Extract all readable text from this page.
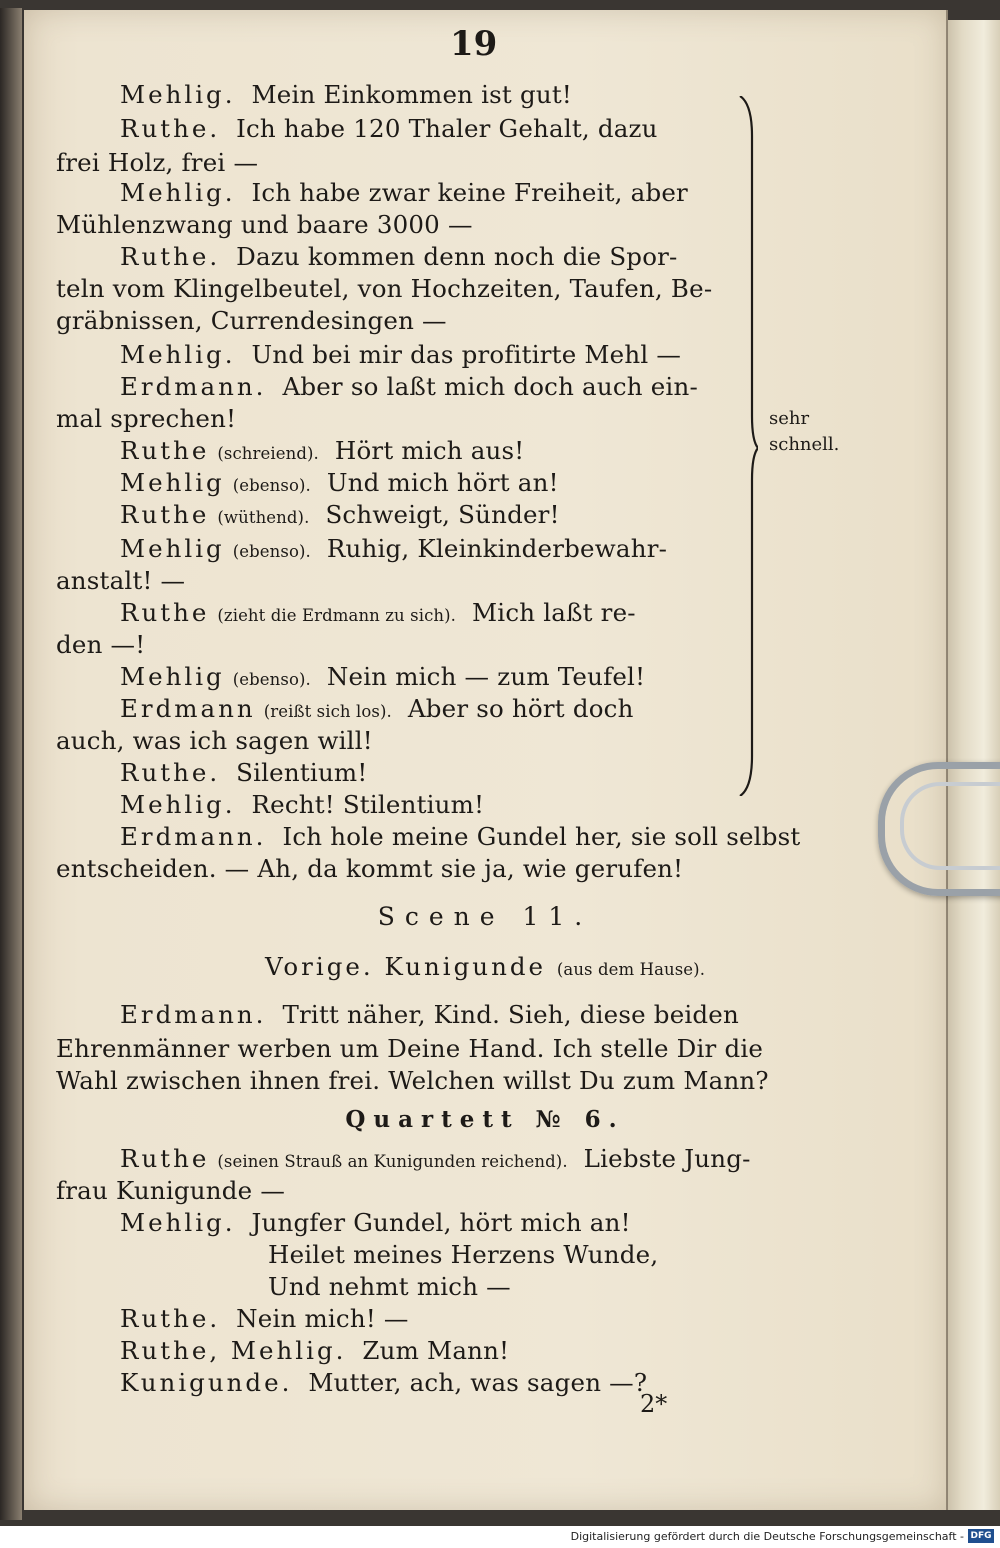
19
Mehlig. Mein Einkommen ist gut!
Ruthe. Ich habe 120 Thaler Gehalt, dazu
frei Holz, frei —
Mehlig. Ich habe zwar keine Freiheit, aber
Mühlenzwang und baare 3000 —
Ruthe. Dazu kommen denn noch die Spor-
teln vom Klingelbeutel, von Hochzeiten, Taufen, Be-
gräbnissen, Currendesingen —
Mehlig. Und bei mir das profitirte Mehl —
Erdmann. Aber so laßt mich doch auch ein-
mal sprechen!
Ruthe (schreiend). Hört mich aus!
Mehlig (ebenso). Und mich hört an!
Ruthe (wüthend). Schweigt, Sünder!
Mehlig (ebenso). Ruhig, Kleinkinderbewahr-
anstalt! —
Ruthe (zieht die Erdmann zu sich). Mich laßt re-
den —!
Mehlig (ebenso). Nein mich — zum Teufel!
Erdmann (reißt sich los). Aber so hört doch
auch, was ich sagen will!
Ruthe. Silentium!
Mehlig. Recht! Stilentium!
Erdmann. Ich hole meine Gundel her, sie soll selbst
entscheiden. — Ah, da kommt sie ja, wie gerufen!
sehr
schnell.
Scene 11.
Vorige. Kunigunde (aus dem Hause).
Erdmann. Tritt näher, Kind. Sieh, diese beiden
Ehrenmänner werben um Deine Hand. Ich stelle Dir die
Wahl zwischen ihnen frei. Welchen willst Du zum Mann?
Quartett № 6.
Ruthe (seinen Strauß an Kunigunden reichend). Liebste Jung-
frau Kunigunde —
Mehlig. Jungfer Gundel, hört mich an!
Heilet meines Herzens Wunde,
Und nehmt mich —
Ruthe. Nein mich! —
Ruthe, Mehlig. Zum Mann!
Kunigunde. Mutter, ach, was sagen —?
2*
Digitalisierung gefördert durch die Deutsche Forschungsgemeinschaft - DFG
